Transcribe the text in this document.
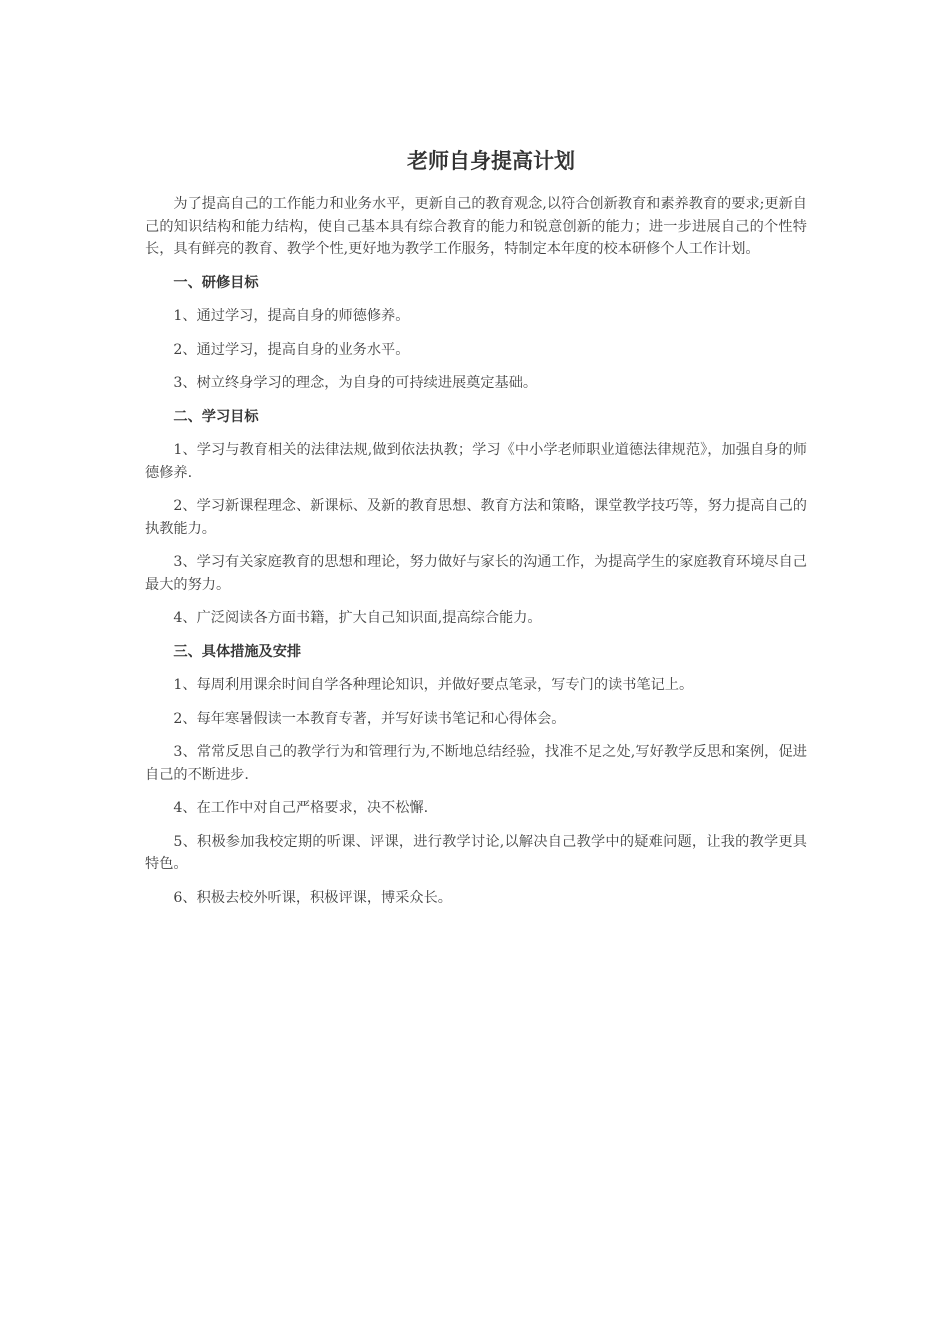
老师自身提高计划

为了提高自己的工作能力和业务水平，更新自己的教育观念,以符合创新教育和素养教育的要求;更新自己的知识结构和能力结构，使自己基本具有综合教育的能力和锐意创新的能力；进一步进展自己的个性特长，具有鲜亮的教育、教学个性,更好地为教学工作服务，特制定本年度的校本研修个人工作计划。

一、研修目标

1、通过学习，提高自身的师德修养。

2、通过学习，提高自身的业务水平。

3、树立终身学习的理念，为自身的可持续进展奠定基础。

二、学习目标

1、学习与教育相关的法律法规,做到依法执教；学习《中小学老师职业道德法律规范》，加强自身的师德修养.

2、学习新课程理念、新课标、及新的教育思想、教育方法和策略，课堂教学技巧等，努力提高自己的执教能力。

3、学习有关家庭教育的思想和理论，努力做好与家长的沟通工作，为提高学生的家庭教育环境尽自己最大的努力。

4、广泛阅读各方面书籍，扩大自己知识面,提高综合能力。

三、具体措施及安排

1、每周利用课余时间自学各种理论知识，并做好要点笔录，写专门的读书笔记上。

2、每年寒暑假读一本教育专著，并写好读书笔记和心得体会。

3、常常反思自己的教学行为和管理行为,不断地总结经验，找准不足之处,写好教学反思和案例，促进自己的不断进步.

4、在工作中对自己严格要求，决不松懈.

5、积极参加我校定期的听课、评课，进行教学讨论,以解决自己教学中的疑难问题，让我的教学更具特色。

6、积极去校外听课，积极评课，博采众长。
